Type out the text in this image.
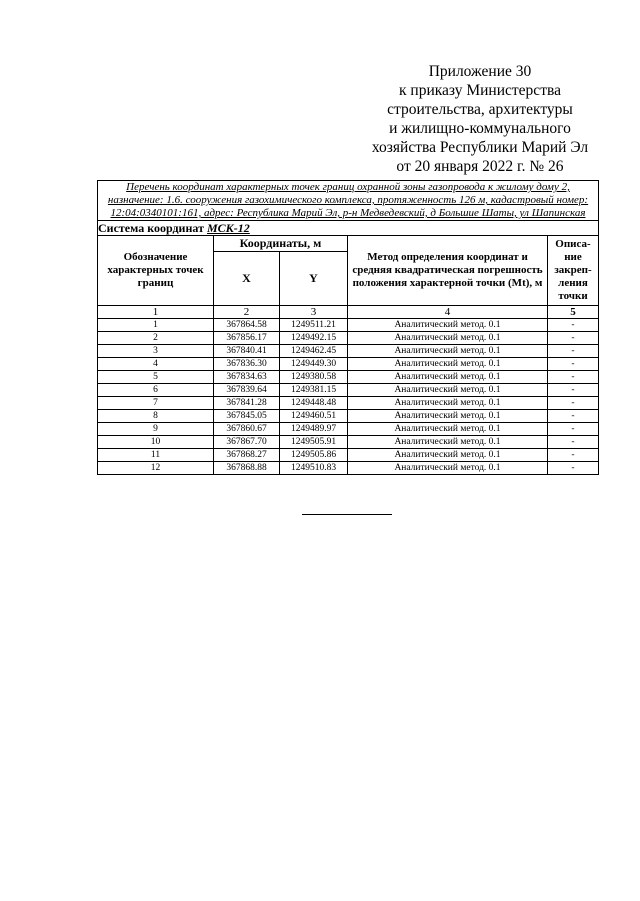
Приложение 30
к приказу Министерства
строительства, архитектуры
и жилищно-коммунального
хозяйства Республики Марий Эл
от 20 января 2022 г. № 26
Перечень координат характерных точек границ охранной зоны газопровода к жилому дому 2, назначение: 1.6. сооружения газохимического комплекса, протяженность 126 м, кадастровый номер: 12:04:0340101:161, адрес: Республика Марий Эл, р-н Медведевский, д Большие Шаты, ул Шапинская				
Система координат МСК-12				
Обозначение характерных точек границ	Координаты, м		Метод определения координат и средняя квадратическая погрешность положения характерной точки (Mt), м	Описа-ние закреп-ления точки
	X	Y		
1	2	3	4	5
1	367864.58	1249511.21	Аналитический метод. 0.1	-
2	367856.17	1249492.15	Аналитический метод. 0.1	-
3	367840.41	1249462.45	Аналитический метод. 0.1	-
4	367836.30	1249449.30	Аналитический метод. 0.1	-
5	367834.63	1249380.58	Аналитический метод. 0.1	-
6	367839.64	1249381.15	Аналитический метод. 0.1	-
7	367841.28	1249448.48	Аналитический метод. 0.1	-
8	367845.05	1249460.51	Аналитический метод. 0.1	-
9	367860.67	1249489.97	Аналитический метод. 0.1	-
10	367867.70	1249505.91	Аналитический метод. 0.1	-
11	367868.27	1249505.86	Аналитический метод. 0.1	-
12	367868.88	1249510.83	Аналитический метод. 0.1	-
